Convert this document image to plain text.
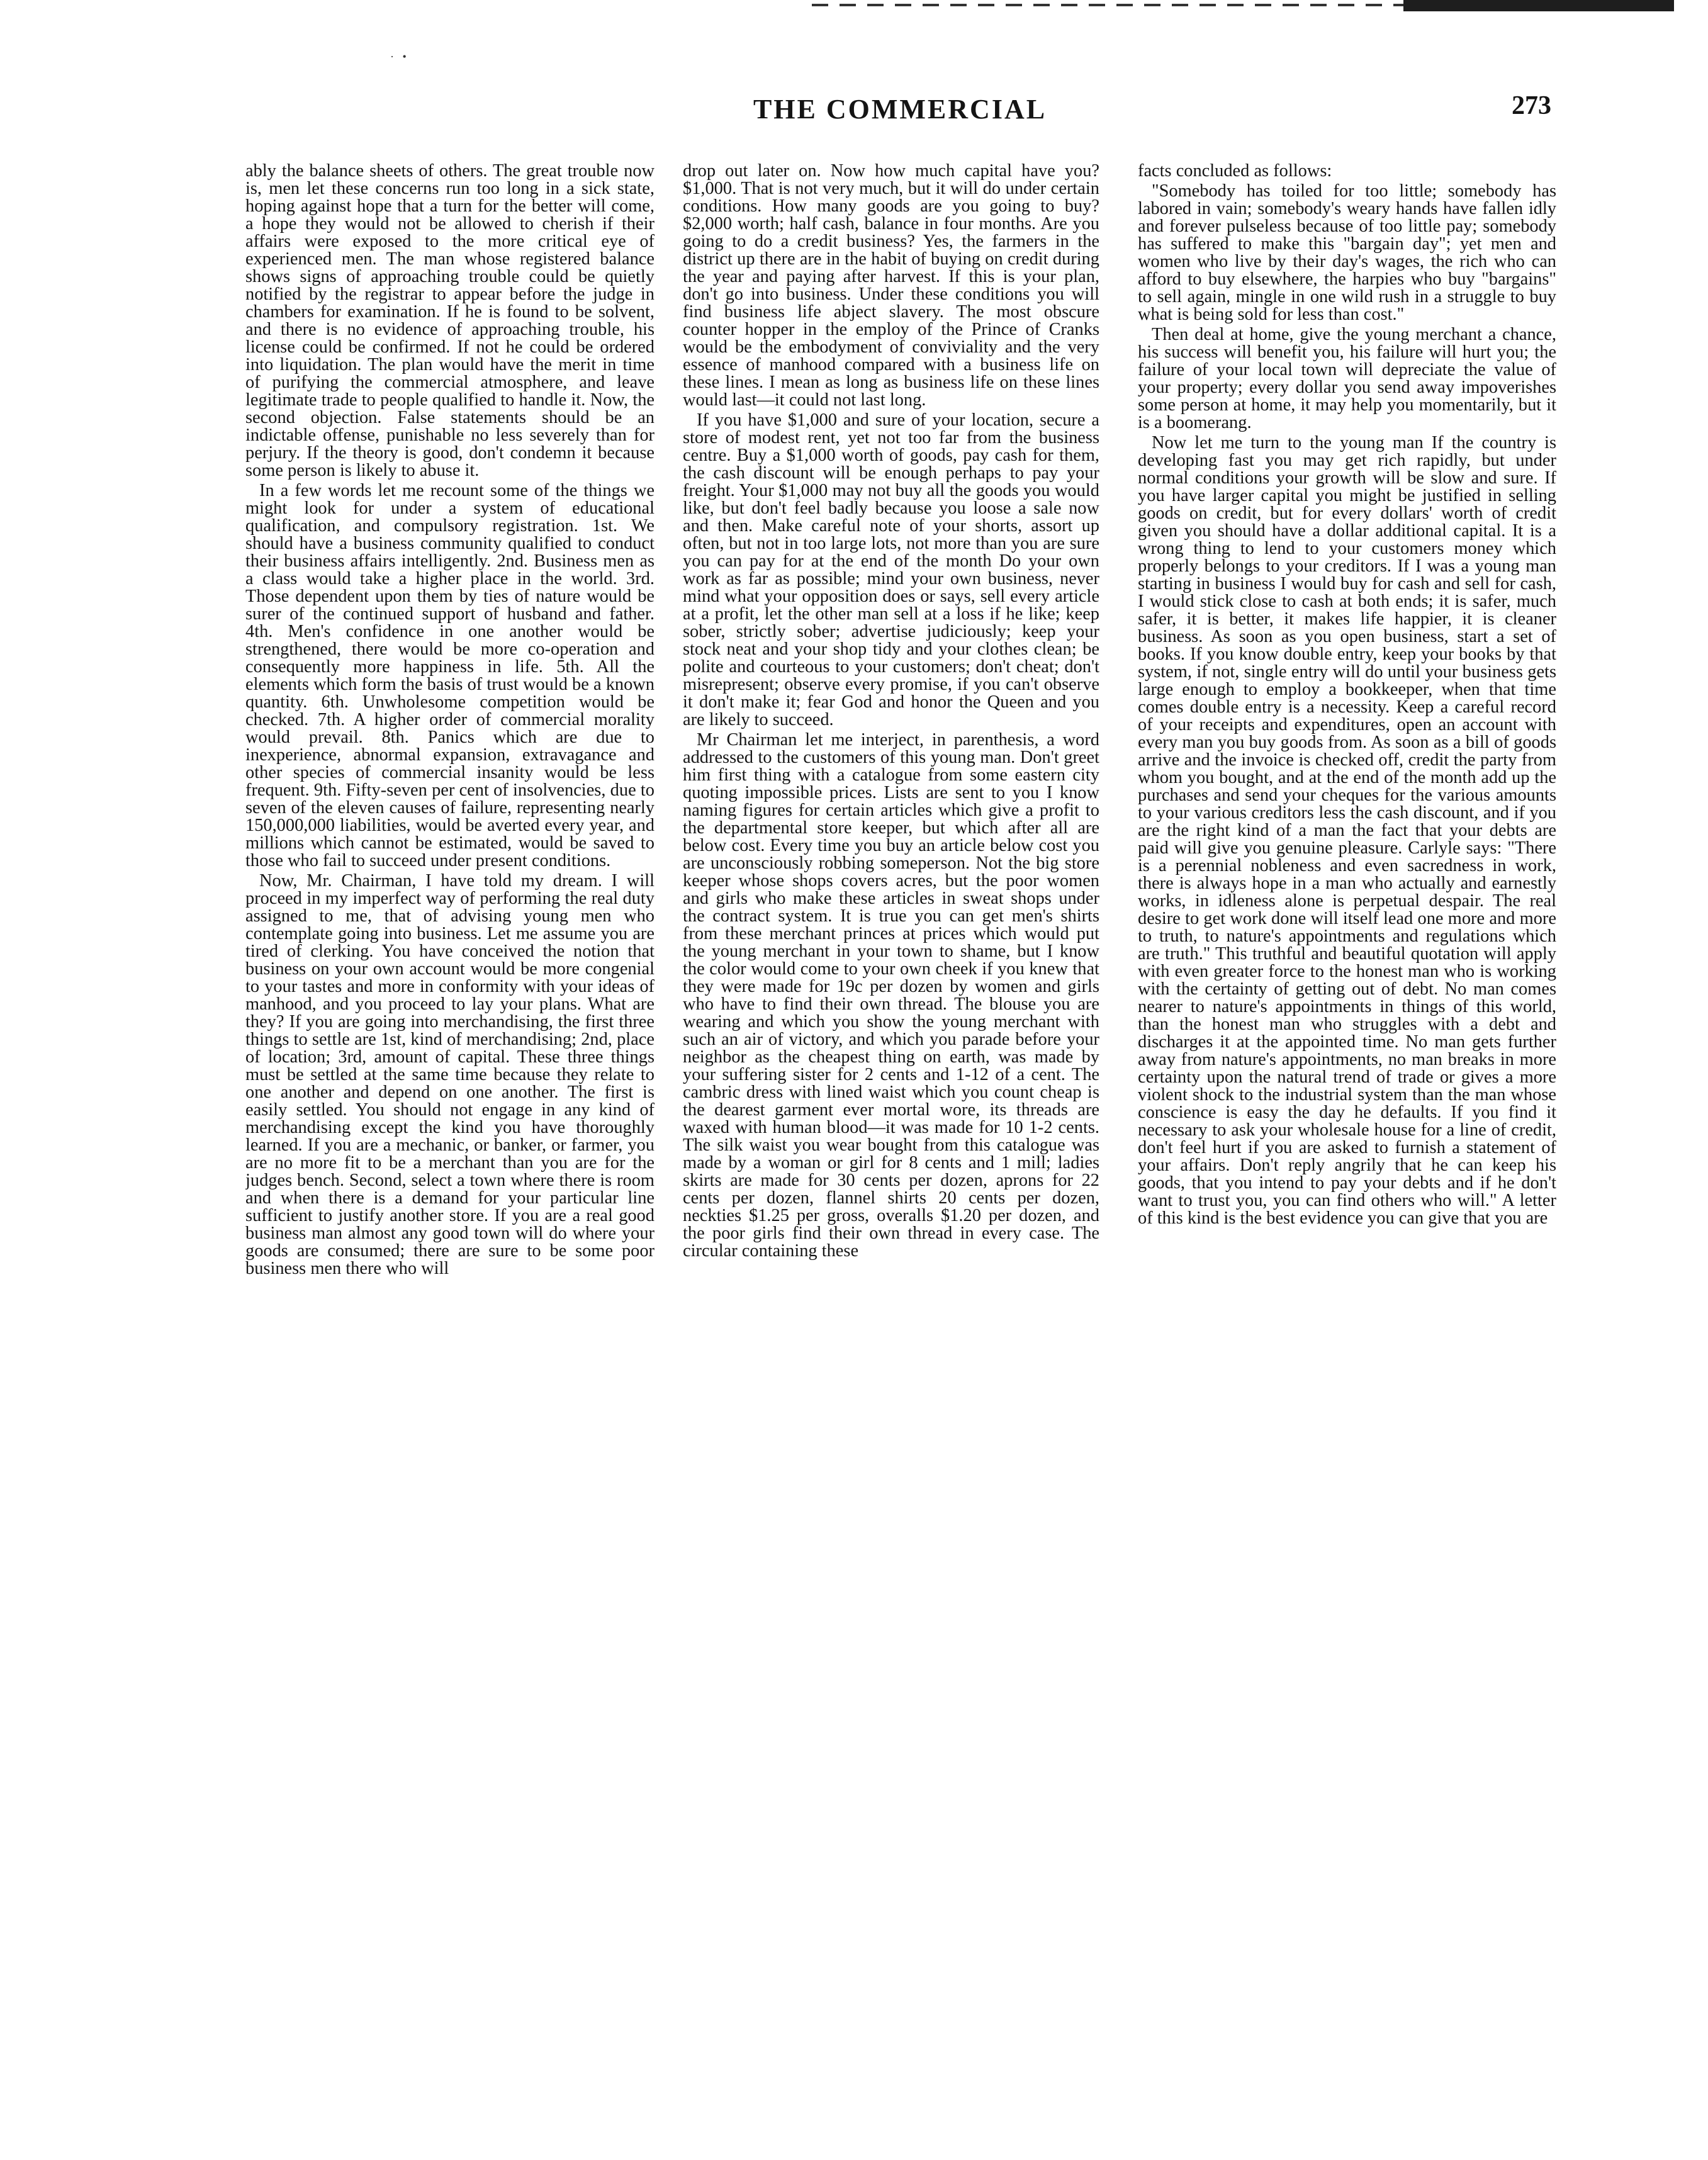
·   •
THE COMMERCIAL	273

ably the balance sheets of others. The great trouble now is, men let these concerns run too long in a sick state, hoping against hope that a turn for the better will come, a hope they would not be allowed to cherish if their affairs were exposed to the more critical eye of experienced men. The man whose registered balance shows signs of approaching trouble could be quietly notified by the registrar to appear before the judge in chambers for examination. If he is found to be solvent, and there is no evidence of approaching trouble, his license could be confirmed. If not he could be ordered into liquidation. The plan would have the merit in time of purifying the commercial atmosphere, and leave legitimate trade to people qualified to handle it. Now, the second objection. False statements should be an indictable offense, punishable no less severely than for perjury. If the theory is good, don't condemn it because some person is likely to abuse it.

In a few words let me recount some of the things we might look for under a system of educational qualification, and compulsory registration. 1st. We should have a business community qualified to conduct their business affairs intelligently. 2nd. Business men as a class would take a higher place in the world. 3rd. Those dependent upon them by ties of nature would be surer of the continued support of husband and father. 4th. Men's confidence in one another would be strengthened, there would be more co-operation and consequently more happiness in life. 5th. All the elements which form the basis of trust would be a known quantity. 6th. Unwholesome competition would be checked. 7th. A higher order of commercial morality would prevail. 8th. Panics which are due to inexperience, abnormal expansion, extravagance and other species of commercial insanity would be less frequent. 9th. Fifty-seven per cent of insolvencies, due to seven of the eleven causes of failure, representing nearly 150,000,000 liabilities, would be averted every year, and millions which cannot be estimated, would be saved to those who fail to succeed under present conditions.

Now, Mr. Chairman, I have told my dream. I will proceed in my imperfect way of performing the real duty assigned to me, that of advising young men who contemplate going into business. Let me assume you are tired of clerking. You have conceived the notion that business on your own account would be more congenial to your tastes and more in conformity with your ideas of manhood, and you proceed to lay your plans. What are they? If you are going into merchandising, the first three things to settle are 1st, kind of merchandising; 2nd, place of location; 3rd, amount of capital. These three things must be settled at the same time because they relate to one another and depend on one another. The first is easily settled. You should not engage in any kind of merchandising except the kind you have thoroughly learned. If you are a mechanic, or banker, or farmer, you are no more fit to be a merchant than you are for the judges bench. Second, select a town where there is room and when there is a demand for your particular line sufficient to justify another store. If you are a real good business man almost any good town will do where your goods are consumed; there are sure to be some poor business men there who will

drop out later on. Now how much capital have you? $1,000. That is not very much, but it will do under certain conditions. How many goods are you going to buy? $2,000 worth; half cash, balance in four months. Are you going to do a credit business? Yes, the farmers in the district up there are in the habit of buying on credit during the year and paying after harvest. If this is your plan, don't go into business. Under these conditions you will find business life abject slavery. The most obscure counter hopper in the employ of the Prince of Cranks would be the embodyment of conviviality and the very essence of manhood compared with a business life on these lines. I mean as long as business life on these lines would last—it could not last long.

If you have $1,000 and sure of your location, secure a store of modest rent, yet not too far from the business centre. Buy a $1,000 worth of goods, pay cash for them, the cash discount will be enough perhaps to pay your freight. Your $1,000 may not buy all the goods you would like, but don't feel badly because you loose a sale now and then. Make careful note of your shorts, assort up often, but not in too large lots, not more than you are sure you can pay for at the end of the month Do your own work as far as possible; mind your own business, never mind what your opposition does or says, sell every article at a profit, let the other man sell at a loss if he like; keep sober, strictly sober; advertise judiciously; keep your stock neat and your shop tidy and your clothes clean; be polite and courteous to your customers; don't cheat; don't misrepresent; observe every promise, if you can't observe it don't make it; fear God and honor the Queen and you are likely to succeed.

Mr Chairman let me interject, in parenthesis, a word addressed to the customers of this young man. Don't greet him first thing with a catalogue from some eastern city quoting impossible prices. Lists are sent to you I know naming figures for certain articles which give a profit to the departmental store keeper, but which after all are below cost. Every time you buy an article below cost you are unconsciously robbing someperson. Not the big store keeper whose shops covers acres, but the poor women and girls who make these articles in sweat shops under the contract system. It is true you can get men's shirts from these merchant princes at prices which would put the young merchant in your town to shame, but I know the color would come to your own cheek if you knew that they were made for 19c per dozen by women and girls who have to find their own thread. The blouse you are wearing and which you show the young merchant with such an air of victory, and which you parade before your neighbor as the cheapest thing on earth, was made by your suffering sister for 2 cents and 1-12 of a cent. The cambric dress with lined waist which you count cheap is the dearest garment ever mortal wore, its threads are waxed with human blood—it was made for 10 1-2 cents. The silk waist you wear bought from this catalogue was made by a woman or girl for 8 cents and 1 mill; ladies skirts are made for 30 cents per dozen, aprons for 22 cents per dozen, flannel shirts 20 cents per dozen, neckties $1.25 per gross, overalls $1.20 per dozen, and the poor girls find their own thread in every case. The circular containing these

facts concluded as follows:

"Somebody has toiled for too little; somebody has labored in vain; somebody's weary hands have fallen idly and forever pulseless because of too little pay; somebody has suffered to make this "bargain day"; yet men and women who live by their day's wages, the rich who can afford to buy elsewhere, the harpies who buy "bargains" to sell again, mingle in one wild rush in a struggle to buy what is being sold for less than cost."

Then deal at home, give the young merchant a chance, his success will benefit you, his failure will hurt you; the failure of your local town will depreciate the value of your property; every dollar you send away impoverishes some person at home, it may help you momentarily, but it is a boomerang.

Now let me turn to the young man If the country is developing fast you may get rich rapidly, but under normal conditions your growth will be slow and sure. If you have larger capital you might be justified in selling goods on credit, but for every dollars' worth of credit given you should have a dollar additional capital. It is a wrong thing to lend to your customers money which properly belongs to your creditors. If I was a young man starting in business I would buy for cash and sell for cash, I would stick close to cash at both ends; it is safer, much safer, it is better, it makes life happier, it is cleaner business. As soon as you open business, start a set of books. If you know double entry, keep your books by that system, if not, single entry will do until your business gets large enough to employ a bookkeeper, when that time comes double entry is a necessity. Keep a careful record of your receipts and expenditures, open an account with every man you buy goods from. As soon as a bill of goods arrive and the invoice is checked off, credit the party from whom you bought, and at the end of the month add up the purchases and send your cheques for the various amounts to your various creditors less the cash discount, and if you are the right kind of a man the fact that your debts are paid will give you genuine pleasure. Carlyle says: "There is a perennial nobleness and even sacredness in work, there is always hope in a man who actually and earnestly works, in idleness alone is perpetual despair. The real desire to get work done will itself lead one more and more to truth, to nature's appointments and regulations which are truth." This truthful and beautiful quotation will apply with even greater force to the honest man who is working with the certainty of getting out of debt. No man comes nearer to nature's appointments in things of this world, than the honest man who struggles with a debt and discharges it at the appointed time. No man gets further away from nature's appointments, no man breaks in more certainty upon the natural trend of trade or gives a more violent shock to the industrial system than the man whose conscience is easy the day he defaults. If you find it necessary to ask your wholesale house for a line of credit, don't feel hurt if you are asked to furnish a statement of your affairs. Don't reply angrily that he can keep his goods, that you intend to pay your debts and if he don't want to trust you, you can find others who will." A letter of this kind is the best evidence you can give that you are
